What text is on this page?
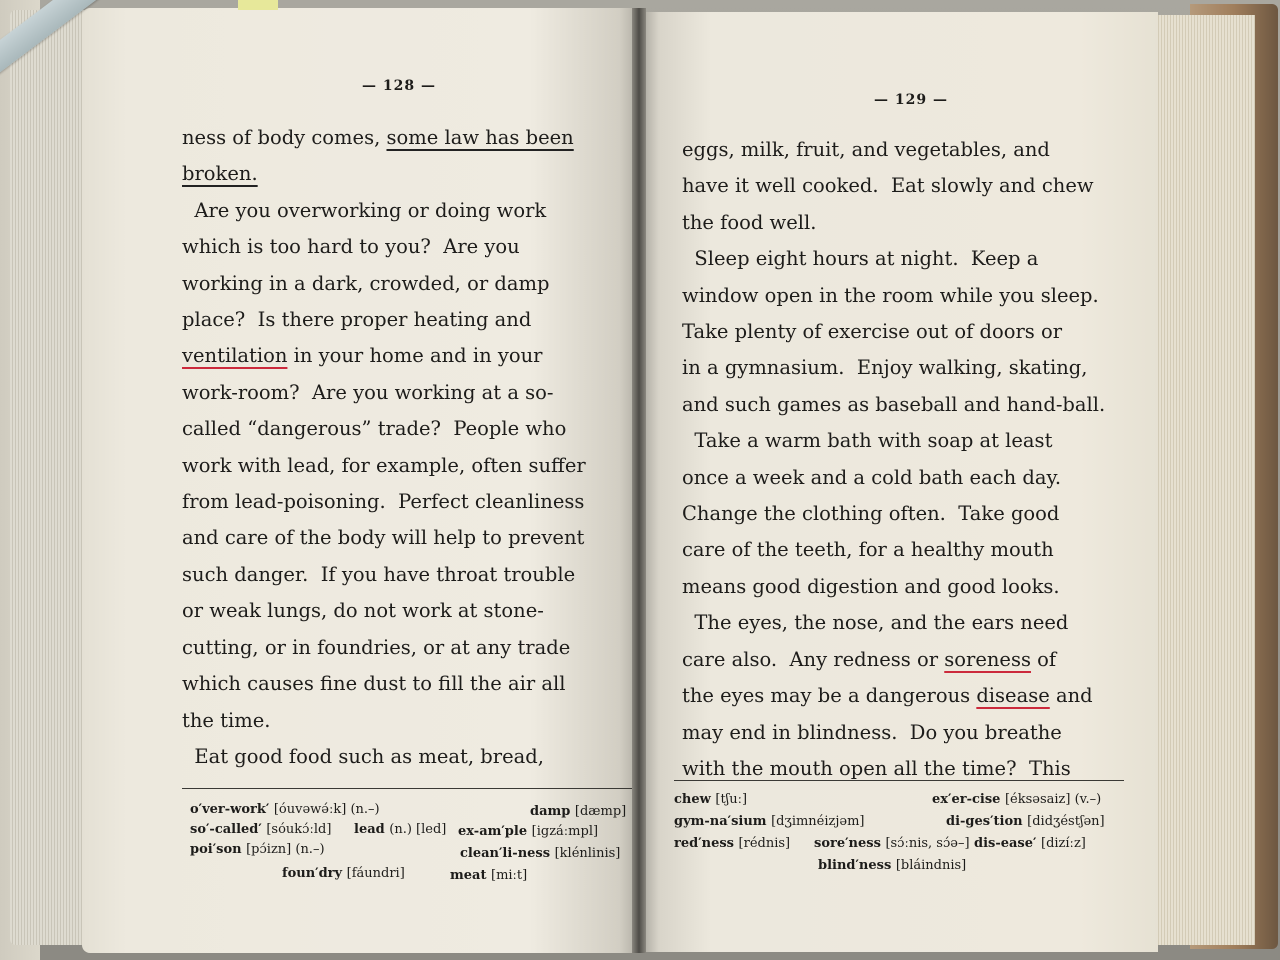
— 128 —
ness of body comes, some law has been
broken.
Are you overworking or doing work
which is too hard to you?  Are you
working in a dark, crowded, or damp
place?  Is there proper heating and
ventilation in your home and in your
work-room?  Are you working at a so-
called “dangerous” trade?  People who
work with lead, for example, often suffer
from lead-poisoning.  Perfect cleanliness
and care of the body will help to prevent
such danger.  If you have throat trouble
or weak lungs, do not work at stone-
cutting, or in foundries, or at any trade
which causes fine dust to fill the air all
the time.
Eat good food such as meat, bread,
o′ver-work′ [óuvəwə́ːk] (n.–)
so′-called′ [sóukɔ́ːld] lead (n.) [led]
poi′son [pɔ́izn] (n.–)
foun′dry [fáundri]
damp [dæmp]
ex-am′ple [igzáːmpl]
clean′li-ness [klénlinis]
meat [miːt]
— 129 —
eggs, milk, fruit, and vegetables, and
have it well cooked.  Eat slowly and chew
the food well.
Sleep eight hours at night.  Keep a
window open in the room while you sleep.
Take plenty of exercise out of doors or
in a gymnasium.  Enjoy walking, skating,
and such games as baseball and hand-ball.
Take a warm bath with soap at least
once a week and a cold bath each day.
Change the clothing often.  Take good
care of the teeth, for a healthy mouth
means good digestion and good looks.
The eyes, the nose, and the ears need
care also.  Any redness or soreness of
the eyes may be a dangerous disease and
may end in blindness.  Do you breathe
with the mouth open all the time?  This
chew [tʃuː]
gym-na′sium [dʒimnéizjəm]
red′ness [rédnis] sore′ness [sɔ́ːnis, sɔ́ə–]
blind′ness [bláindnis]
ex′er-cise [éksəsaiz] (v.–)
di-ges′tion [didʒéstʃən]
dis-ease′ [dizíːz]
